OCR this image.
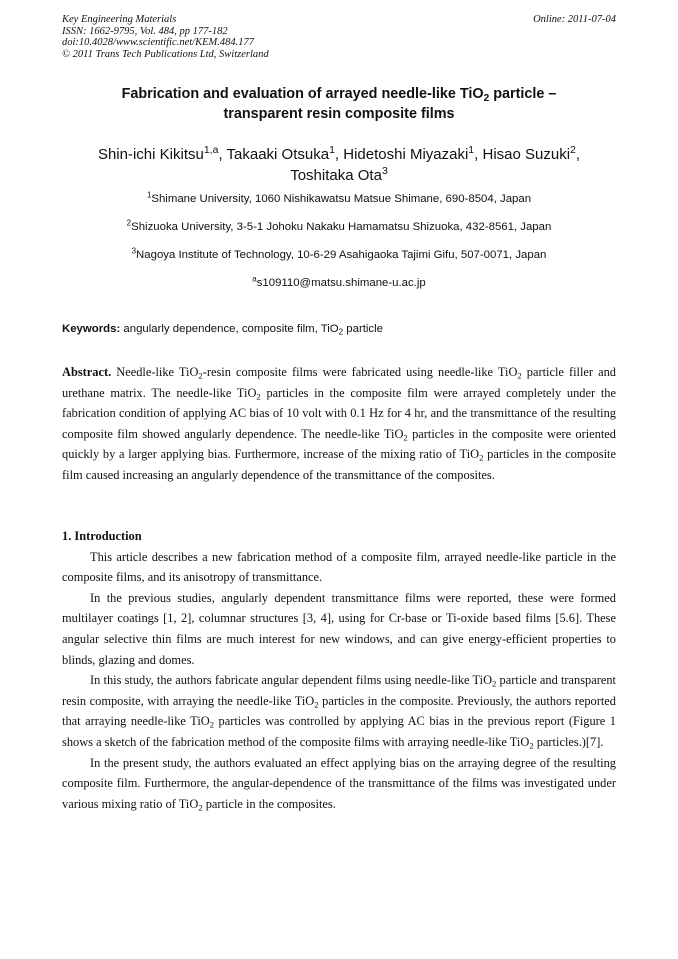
Key Engineering Materials
ISSN: 1662-9795, Vol. 484, pp 177-182
doi:10.4028/www.scientific.net/KEM.484.177
© 2011 Trans Tech Publications Ltd, Switzerland
Online: 2011-07-04
Fabrication and evaluation of arrayed needle-like TiO$_2$ particle –
transparent resin composite films
Shin-ichi Kikitsu$^{1,a}$, Takaaki Otsuka$^1$, Hidetoshi Miyazaki$^1$, Hisao Suzuki$^2$,
Toshitaka Ota$^3$
$^1$Shimane University, 1060 Nishikawatsu Matsue Shimane, 690-8504, Japan
$^2$Shizuoka University, 3-5-1 Johoku Nakaku Hamamatsu Shizuoka, 432-8561, Japan
$^3$Nagoya Institute of Technology, 10-6-29 Asahigaoka Tajimi Gifu, 507-0071, Japan
$^a$s109110@matsu.shimane-u.ac.jp
Keywords: angularly dependence, composite film, TiO$_2$ particle
Abstract. Needle-like TiO$_2$-resin composite films were fabricated using needle-like TiO$_2$ particle filler and urethane matrix. The needle-like TiO$_2$ particles in the composite film were arrayed completely under the fabrication condition of applying AC bias of 10 volt with 0.1 Hz for 4 hr, and the transmittance of the resulting composite film showed angularly dependence. The needle-like TiO$_2$ particles in the composite were oriented quickly by a larger applying bias. Furthermore, increase of the mixing ratio of TiO$_2$ particles in the composite film caused increasing an angularly dependence of the transmittance of the composites.
1. Introduction

This article describes a new fabrication method of a composite film, arrayed needle-like particle in the composite films, and its anisotropy of transmittance.

In the previous studies, angularly dependent transmittance films were reported, these were formed multilayer coatings [1, 2], columnar structures [3, 4], using for Cr-base or Ti-oxide based films [5.6]. These angular selective thin films are much interest for new windows, and can give energy-efficient properties to blinds, glazing and domes.

In this study, the authors fabricate angular dependent films using needle-like TiO$_2$ particle and transparent resin composite, with arraying the needle-like TiO$_2$ particles in the composite. Previously, the authors reported that arraying needle-like TiO$_2$ particles was controlled by applying AC bias in the previous report (Figure 1 shows a sketch of the fabrication method of the composite films with arraying needle-like TiO$_2$ particles.)[7].

In the present study, the authors evaluated an effect applying bias on the arraying degree of the resulting composite film. Furthermore, the angular-dependence of the transmittance of the films was investigated under various mixing ratio of TiO$_2$ particle in the composites.
